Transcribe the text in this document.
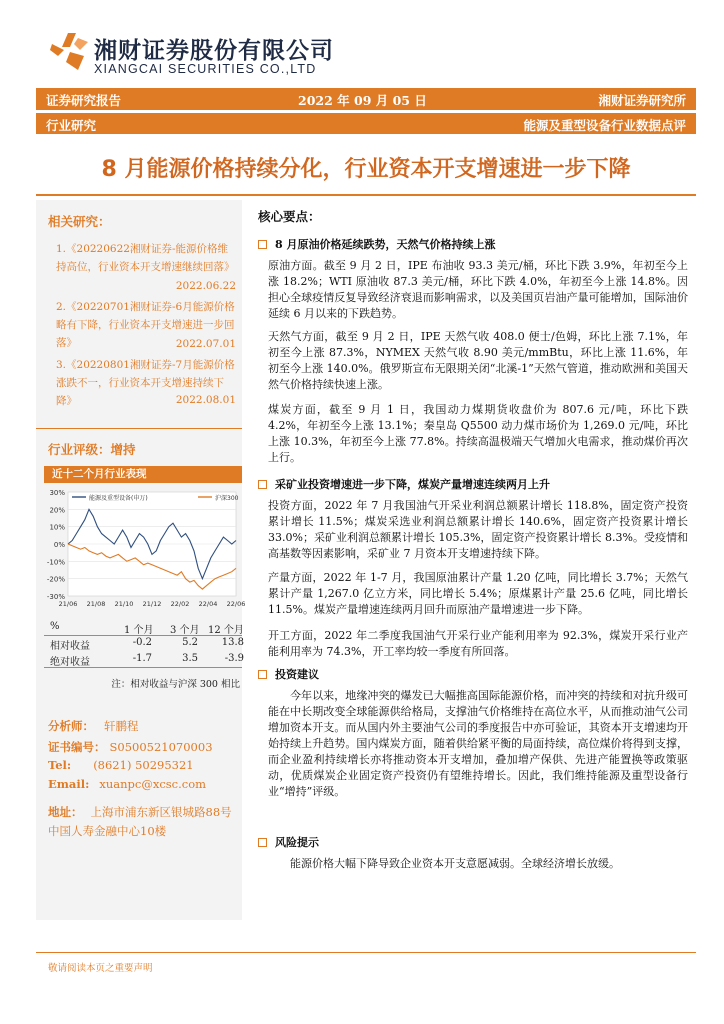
湘财证券股份有限公司
XIANGCAI SECURITIES CO.,LTD
证券研究报告	2022 年 09 月 05 日	湘财证券研究所
行业研究	能源及重型设备行业数据点评
8 月能源价格持续分化，行业资本开支增速进一步下降
相关研究：
1.《20220622湘财证券-能源价格维持高位，行业资本开支增速继续回落》
2022.06.22
2.《20220701湘财证券-6月能源价格略有下降，行业资本开支增速进一步回落》	2022.07.01
3.《20220801湘财证券-7月能源价格涨跌不一，行业资本开支增速持续下降》	2022.08.01
行业评级：增持
近十二个月行业表现
30%
20%
10%
0%
-10%
-20%
-30%
21/06 21/08 21/10 21/12 22/02 22/04 22/06
能源及重型设备(申万)	沪深300
%	1 个月 3 个月 12 个月
相对收益	-0.2	5.2	13.8
绝对收益	-1.7	3.5	-3.9
注：相对收益与沪深 300 相比
分析师： 轩鹏程
证书编号： S0500521070003
Tel: (8621) 50295321
Email: xuanpc@xcsc.com
地址： 上海市浦东新区银城路88号
中国人寿金融中心10楼
核心要点：
8 月原油价格延续跌势，天然气价格持续上涨
原油方面。截至 9 月 2 日，IPE 布油收 93.3 美元/桶，环比下跌 3.9%，年初至今上涨 18.2%；WTI 原油收 87.3 美元/桶，环比下跌 4.0%，年初至今上涨 14.8%。因担心全球疫情反复导致经济衰退而影响需求，以及美国页岩油产量可能增加，国际油价延续 6 月以来的下跌趋势。
天然气方面，截至 9 月 2 日，IPE 天然气收 408.0 便士/色姆，环比上涨 7.1%，年初至今上涨 87.3%，NYMEX 天然气收 8.90 美元/mmBtu，环比上涨 11.6%，年初至今上涨 140.0%。俄罗斯宣布无限期关闭“北溪-1”天然气管道，推动欧洲和美国天然气价格持续快速上涨。
煤炭方面，截至 9 月 1 日，我国动力煤期货收盘价为 807.6 元/吨，环比下跌 4.2%，年初至今上涨 13.1%；秦皇岛 Q5500 动力煤市场价为 1,269.0 元/吨，环比上涨 10.3%，年初至今上涨 77.8%。持续高温极端天气增加火电需求，推动煤价再次上行。
采矿业投资增速进一步下降，煤炭产量增速连续两月上升
投资方面，2022 年 7 月我国油气开采业利润总额累计增长 118.8%，固定资产投资累计增长 11.5%；煤炭采选业利润总额累计增长 140.6%，固定资产投资累计增长 33.0%；采矿业利润总额累计增长 105.3%，固定资产投资累计增长 8.3%。受疫情和高基数等因素影响，采矿业 7 月资本开支增速持续下降。
产量方面，2022 年 1-7 月，我国原油累计产量 1.20 亿吨，同比增长 3.7%；天然气累计产量 1,267.0 亿立方米，同比增长 5.4%；原煤累计产量 25.6 亿吨，同比增长 11.5%。煤炭产量增速连续两月回升而原油产量增速进一步下降。
开工方面，2022 年二季度我国油气开采行业产能利用率为 92.3%，煤炭开采行业产能利用率为 74.3%，开工率均较一季度有所回落。
投资建议
今年以来，地缘冲突的爆发已大幅推高国际能源价格，而冲突的持续和对抗升级可能在中长期改变全球能源供给格局，支撑油气价格维持在高位水平，从而推动油气公司增加资本开支。而从国内外主要油气公司的季度报告中亦可验证，其资本开支增速均开始持续上升趋势。国内煤炭方面，随着供给紧平衡的局面持续，高位煤价将得到支撑，而企业盈利持续增长亦将推动资本开支增加，叠加增产保供、先进产能置换等政策驱动，优质煤炭企业固定资产投资仍有望维持增长。因此，我们维持能源及重型设备行业“增持”评级。
风险提示
能源价格大幅下降导致企业资本开支意愿减弱。全球经济增长放缓。
敬请阅读本页之重要声明
